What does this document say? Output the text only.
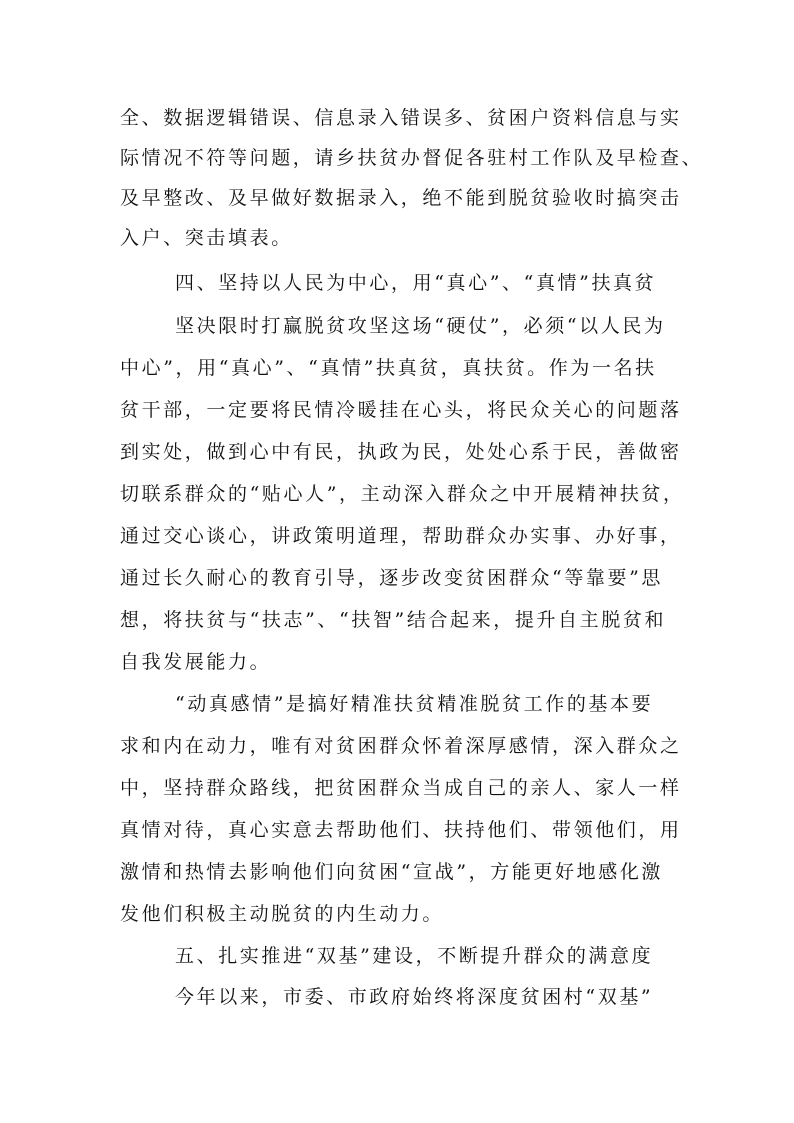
全、数据逻辑错误、信息录入错误多、贫困户资料信息与实
际情况不符等问题，请乡扶贫办督促各驻村工作队及早检查、
及早整改、及早做好数据录入，绝不能到脱贫验收时搞突击
入户、突击填表。
四、坚持以人民为中心，用“真心”、“真情”扶真贫
坚决限时打赢脱贫攻坚这场“硬仗”，必须“以人民为
中心”，用“真心”、“真情”扶真贫，真扶贫。作为一名扶
贫干部，一定要将民情冷暖挂在心头，将民众关心的问题落
到实处，做到心中有民，执政为民，处处心系于民，善做密
切联系群众的“贴心人”，主动深入群众之中开展精神扶贫，
通过交心谈心，讲政策明道理，帮助群众办实事、办好事，
通过长久耐心的教育引导，逐步改变贫困群众“等靠要”思
想，将扶贫与“扶志”、“扶智”结合起来，提升自主脱贫和
自我发展能力。
“动真感情”是搞好精准扶贫精准脱贫工作的基本要
求和内在动力，唯有对贫困群众怀着深厚感情，深入群众之
中，坚持群众路线，把贫困群众当成自己的亲人、家人一样
真情对待，真心实意去帮助他们、扶持他们、带领他们，用
激情和热情去影响他们向贫困“宣战”，方能更好地感化激
发他们积极主动脱贫的内生动力。
五、扎实推进“双基”建设，不断提升群众的满意度
今年以来，市委、市政府始终将深度贫困村“双基”
